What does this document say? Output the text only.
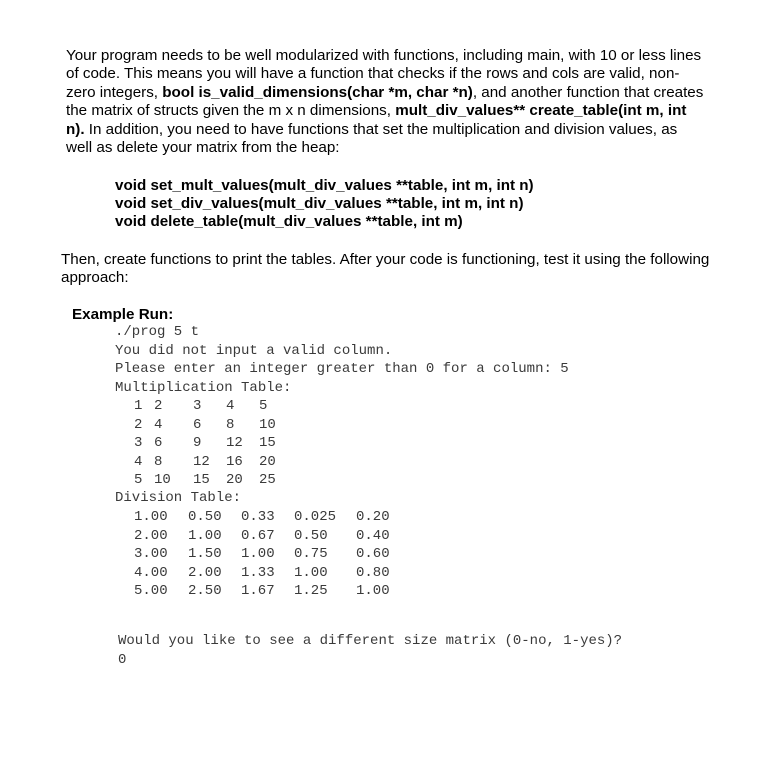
Your program needs to be well modularized with functions, including main, with 10 or less lines of code. This means you will have a function that checks if the rows and cols are valid, non-zero integers, bool is_valid_dimensions(char *m, char *n), and another function that creates the matrix of structs given the m x n dimensions, mult_div_values** create_table(int m, int n). In addition, you need to have functions that set the multiplication and division values, as well as delete your matrix from the heap:
void set_mult_values(mult_div_values **table, int m, int n)
void set_div_values(mult_div_values **table, int m, int n)
void delete_table(mult_div_values **table, int m)
Then, create functions to print the tables. After your code is functioning, test it using the following approach:
Example Run:
./prog 5 t
You did not input a valid column.
Please enter an integer greater than 0 for a column: 5
Multiplication Table:
1 2 3 4 5
2 4 6 8 10
3 6 9 12 15
4 8 12 16 20
5 10 15 20 25
Division Table:
1.00 0.50 0.33 0.025 0.20
2.00 1.00 0.67 0.50 0.40
3.00 1.50 1.00 0.75 0.60
4.00 2.00 1.33 1.00 0.80
5.00 2.50 1.67 1.25 1.00
Would you like to see a different size matrix (0-no, 1-yes)?
0
